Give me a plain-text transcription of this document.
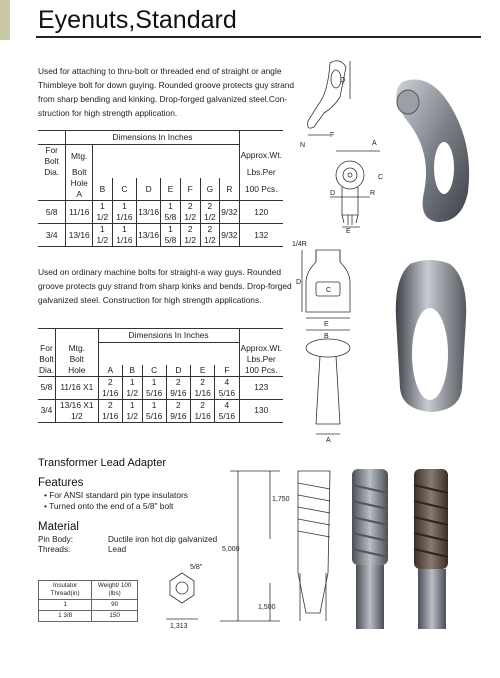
Eyenuts,Standard
Used for attaching to thru-bolt or threaded end of straight or angle
Thimbleye bolt for down guying. Rounded groove protects guy strand
from sharp bending and kinking. Drop-forged galvanized steel.Con-
struction for high strength application.
	Dimensions In Inches								
For Bolt	Mtg.								Approx.Wt.
Dia.	Bolt								Lbs.Per
	Hole A	B	C	D	E	F	G	R	100 Pcs.
5/8	11/16	1 1/2	1 1/16	13/16	1 5/8	2 1/2	2 1/2	9/32	120
3/4	13/16	1 1/2	1 1/16	13/16	1 5/8	2 1/2	2 1/2	9/32	132
Q
F
A
N
C
D	R
E
Used on ordinary machine bolts for straight-a way guys. Rounded
groove protects guy strand from sharp kinks and bends. Drop-forged
galvanized steel. Construction for high strength applications.
		Dimensions In Inches						
For	Mtg.							Approx.Wt.
Bolt	Bolt							Lbs.Per
Dia.	Hole	A	B	C	D	E	F	100 Pcs.
5/8	11/16 X1	2 1/16	1 1/2	1 5/16	2 9/16	2 1/16	4 5/16	123
3/4	13/16 X1 1/2	2 1/16	1 1/2	1 5/16	2 9/16	2 1/16	4 5/16	130
1/4R
D
E
B
A
C
Transformer Lead Adapter
Features
• For ANSI standard pin type insulators
• Turned onto the end of a 5/8" bolt
Material
Pin Body:	Ductile iron hot dip galvanized
Threads:	Lead
Insulator Thread(in)	Weight/ 100 (lbs)
1	90
1 3/8	150
1,750
5,000
1,500
5/8"
1,313
